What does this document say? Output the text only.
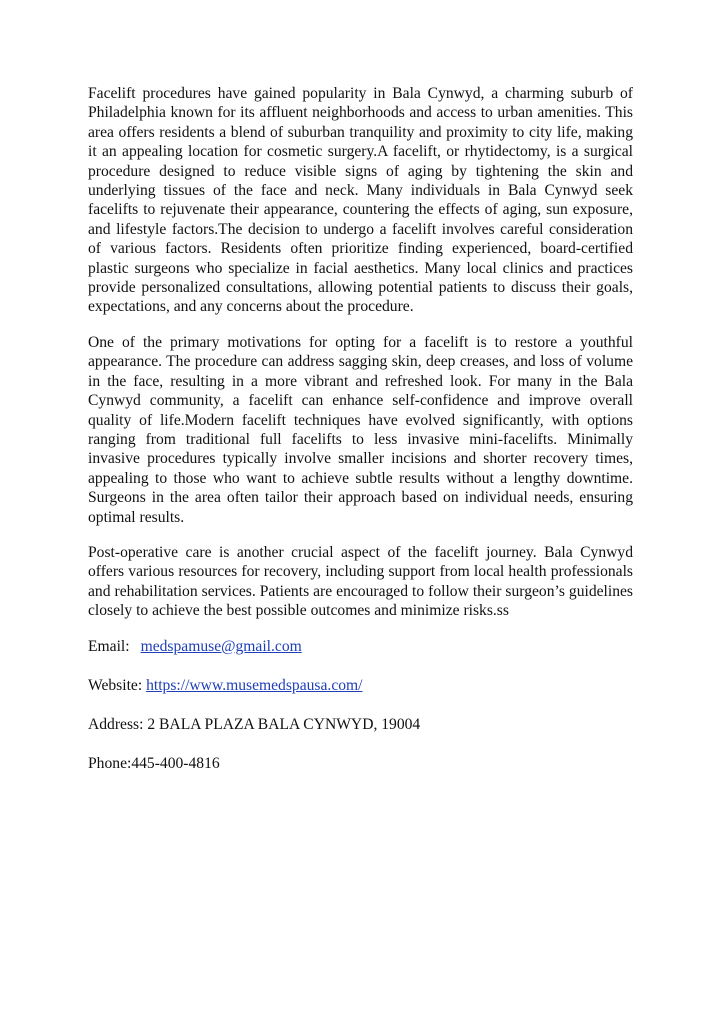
Facelift procedures have gained popularity in Bala Cynwyd, a charming suburb of Philadelphia known for its affluent neighborhoods and access to urban amenities. This area offers residents a blend of suburban tranquility and proximity to city life, making it an appealing location for cosmetic surgery.A facelift, or rhytidectomy, is a surgical procedure designed to reduce visible signs of aging by tightening the skin and underlying tissues of the face and neck. Many individuals in Bala Cynwyd seek facelifts to rejuvenate their appearance, countering the effects of aging, sun exposure, and lifestyle factors.The decision to undergo a facelift involves careful consideration of various factors. Residents often prioritize finding experienced, board-certified plastic surgeons who specialize in facial aesthetics. Many local clinics and practices provide personalized consultations, allowing potential patients to discuss their goals, expectations, and any concerns about the procedure.

One of the primary motivations for opting for a facelift is to restore a youthful appearance. The procedure can address sagging skin, deep creases, and loss of volume in the face, resulting in a more vibrant and refreshed look. For many in the Bala Cynwyd community, a facelift can enhance self-confidence and improve overall quality of life.Modern facelift techniques have evolved significantly, with options ranging from traditional full facelifts to less invasive mini-facelifts. Minimally invasive procedures typically involve smaller incisions and shorter recovery times, appealing to those who want to achieve subtle results without a lengthy downtime. Surgeons in the area often tailor their approach based on individual needs, ensuring optimal results.

Post-operative care is another crucial aspect of the facelift journey. Bala Cynwyd offers various resources for recovery, including support from local health professionals and rehabilitation services. Patients are encouraged to follow their surgeon’s guidelines closely to achieve the best possible outcomes and minimize risks.ss

Email: medspamuse@gmail.com
Website: https://www.musemedspausa.com/
Address: 2 BALA PLAZA BALA CYNWYD, 19004
Phone:445-400-4816
